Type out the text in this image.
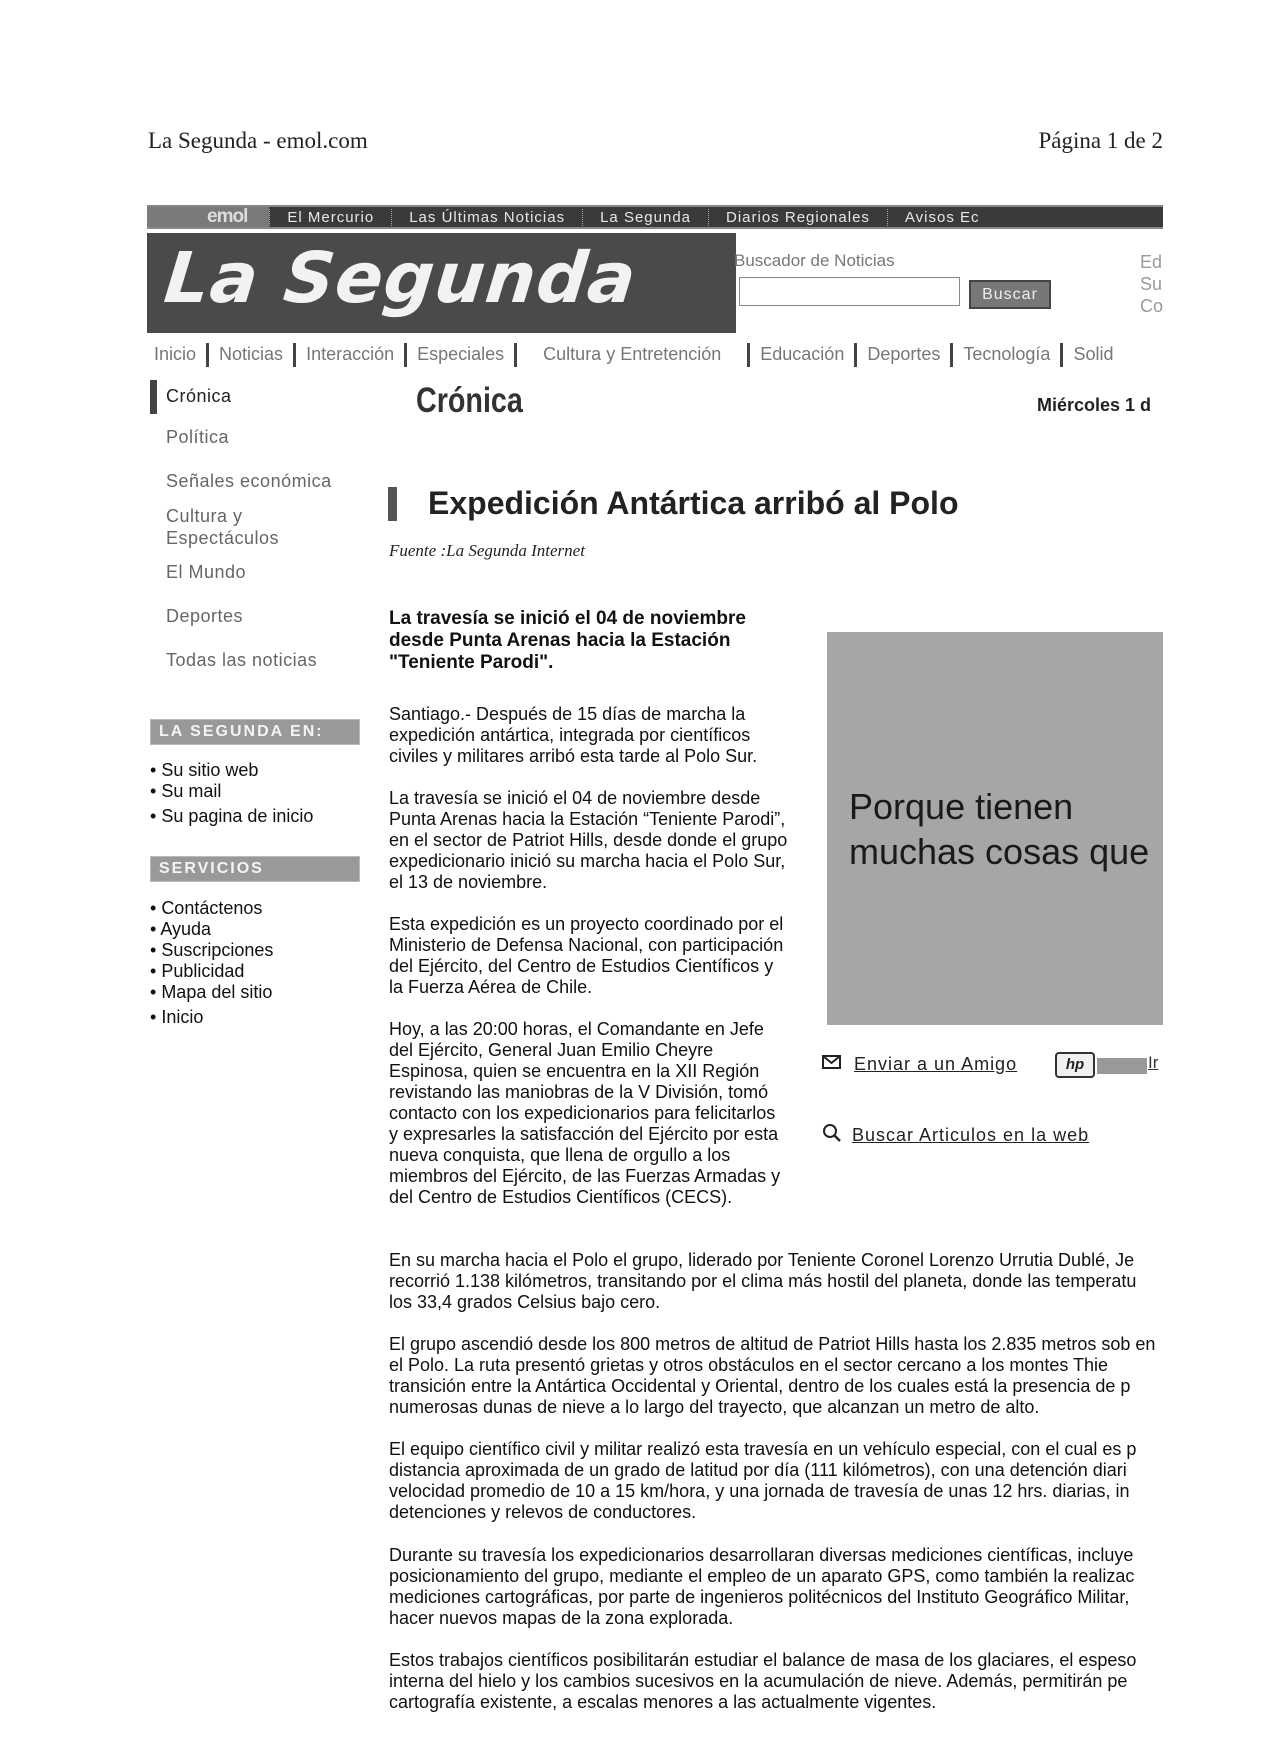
La Segunda - emol.com	Página 1 de 2
emol	El Mercurio	Las Últimas Noticias	La Segunda	Diarios Regionales	Avisos Ec
La Segunda	Buscador de Noticias
Buscar
Ed
Su
Co
Inicio Noticias Interacción Especiales Cultura y Entretención Educación Deportes Tecnología Solid
Crónica
Política
Señales económica
Cultura y Espectáculos
El Mundo
Deportes
Todas las noticias
LA SEGUNDA EN:
• Su sitio web
• Su mail
• Su pagina de inicio
SERVICIOS
• Contáctenos
• Ayuda
• Suscripciones
• Publicidad
• Mapa del sitio
• Inicio
Crónica	Miércoles 1 d
Expedición Antártica arribó al Polo
Fuente :La Segunda Internet
La travesía se inició el 04 de noviembre desde Punta Arenas hacia la Estación "Teniente Parodi".
Santiago.- Después de 15 días de marcha la expedición antártica, integrada por científicos civiles y militares arribó esta tarde al Polo Sur.
La travesía se inició el 04 de noviembre desde Punta Arenas hacia la Estación “Teniente Parodi”, en el sector de Patriot Hills, desde donde el grupo expedicionario inició su marcha hacia el Polo Sur, el 13 de noviembre.
Esta expedición es un proyecto coordinado por el Ministerio de Defensa Nacional, con participación del Ejército, del Centro de Estudios Científicos y la Fuerza Aérea de Chile.
Hoy, a las 20:00 horas, el Comandante en Jefe del Ejército, General Juan Emilio Cheyre Espinosa, quien se encuentra en la XII Región revistando las maniobras de la V División, tomó contacto con los expedicionarios para felicitarlos y expresarles la satisfacción del Ejército por esta nueva conquista, que llena de orgullo a los miembros del Ejército, de las Fuerzas Armadas y del Centro de Estudios Científicos (CECS).
En su marcha hacia el Polo el grupo, liderado por Teniente Coronel Lorenzo Urrutia Dublé, Je recorrió 1.138 kilómetros, transitando por el clima más hostil del planeta, donde las temperatu los 33,4 grados Celsius bajo cero.
El grupo ascendió desde los 800 metros de altitud de Patriot Hills hasta los 2.835 metros sob en el Polo. La ruta presentó grietas y otros obstáculos en el sector cercano a los montes Thie transición entre la Antártica Occidental y Oriental, dentro de los cuales está la presencia de p numerosas dunas de nieve a lo largo del trayecto, que alcanzan un metro de alto.
El equipo científico civil y militar realizó esta travesía en un vehículo especial, con el cual es p distancia aproximada de un grado de latitud por día (111 kilómetros), con una detención diari velocidad promedio de 10 a 15 km/hora, y una jornada de travesía de unas 12 hrs. diarias, in detenciones y relevos de conductores.
Durante su travesía los expedicionarios desarrollaran diversas mediciones científicas, incluye posicionamiento del grupo, mediante el empleo de un aparato GPS, como también la realizac mediciones cartográficas, por parte de ingenieros politécnicos del Instituto Geográfico Militar, hacer nuevos mapas de la zona explorada.
Estos trabajos científicos posibilitarán estudiar el balance de masa de los glaciares, el espeso interna del hielo y los cambios sucesivos en la acumulación de nieve. Además, permitirán pe cartografía existente, a escalas menores a las actualmente vigentes.
Porque tienen
muchas cosas que
Enviar a un Amigo	hp	Ir
Buscar Articulos en la web
